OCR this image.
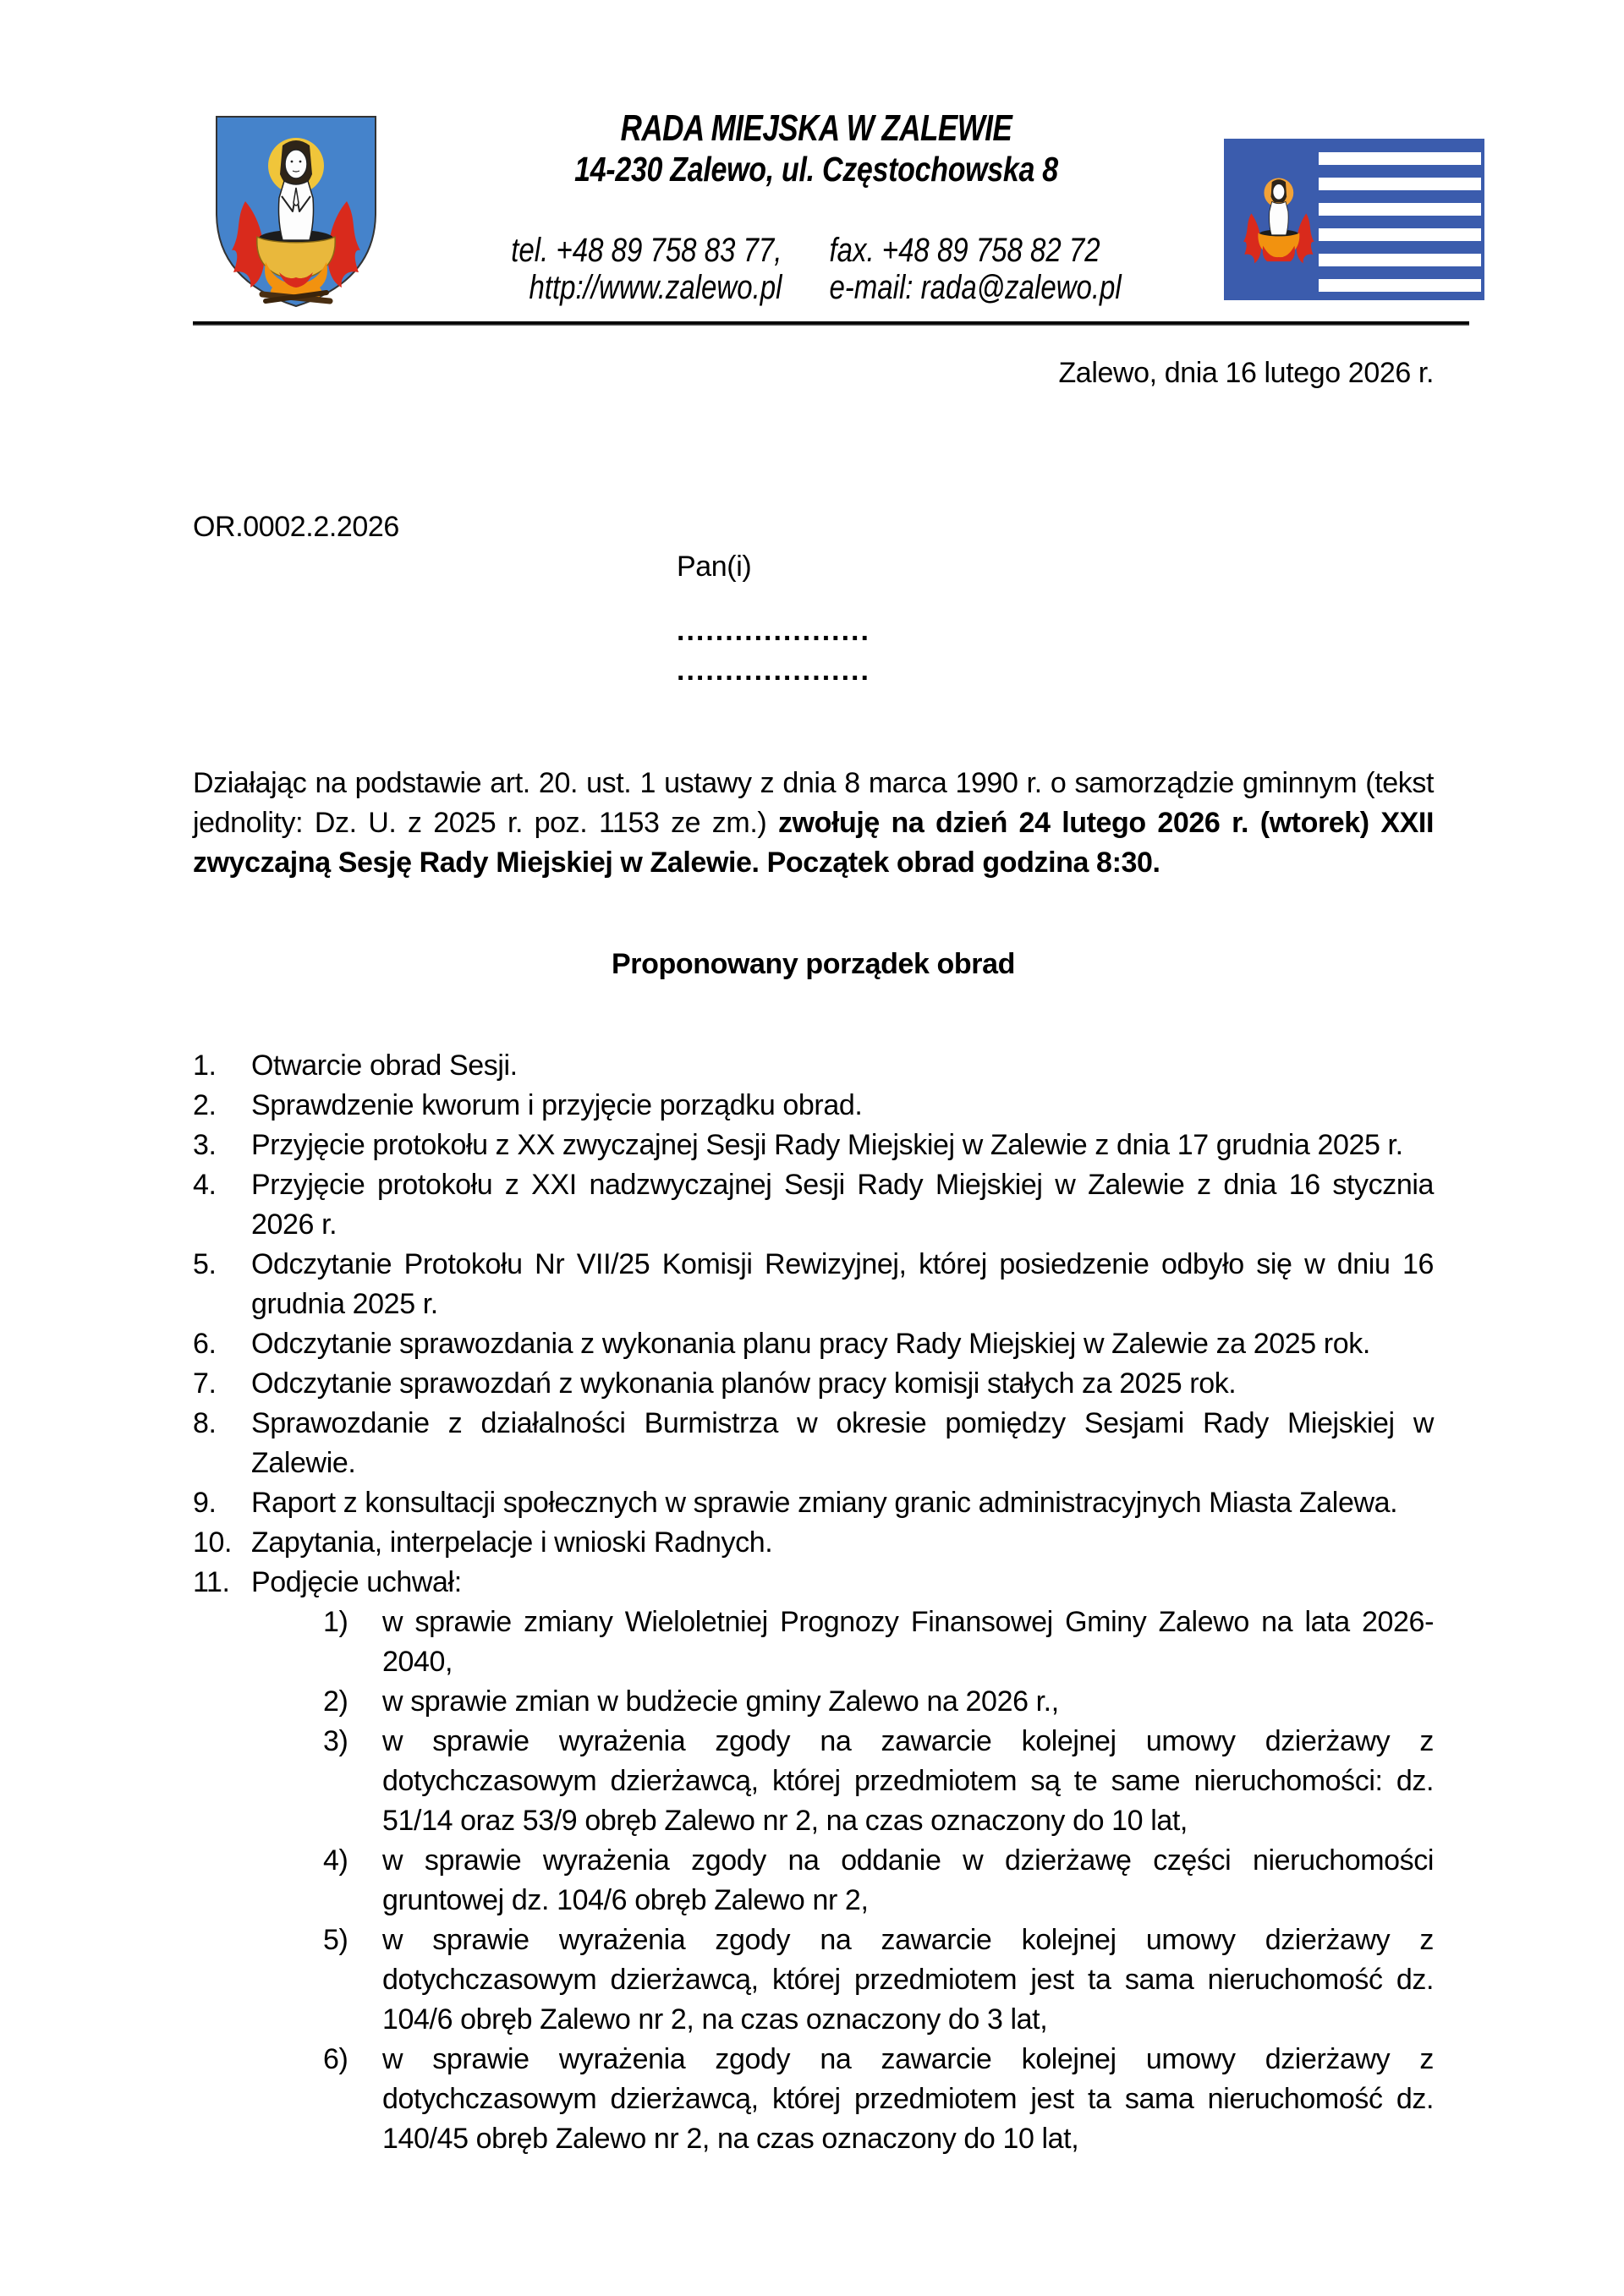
RADA MIEJSKA W ZALEWIE
14-230 Zalewo, ul. Częstochowska 8
tel. +48 89 758 83 77,
http://www.zalewo.pl
fax. +48 89 758 82 72
e-mail: rada@zalewo.pl
Zalewo, dnia 16 lutego 2026 r.
OR.0002.2.2026
Pan(i)
....................
....................

Działając na podstawie art. 20. ust. 1 ustawy z dnia 8 marca 1990 r. o samorządzie gminnym (tekst jednolity: Dz. U. z 2025 r. poz. 1153 ze zm.) zwołuję na dzień 24 lutego 2026 r. (wtorek) XXII zwyczajną Sesję Rady Miejskiej w Zalewie. Początek obrad godzina 8:30.

Proponowany porządek obrad
1.	Otwarcie obrad Sesji.
2.	Sprawdzenie kworum i przyjęcie porządku obrad.
3.	Przyjęcie protokołu z XX zwyczajnej Sesji Rady Miejskiej w Zalewie z dnia 17 grudnia 2025 r.
4.	Przyjęcie protokołu z XXI nadzwyczajnej Sesji Rady Miejskiej w Zalewie z dnia 16 stycznia 2026 r.
5.	Odczytanie Protokołu Nr VII/25 Komisji Rewizyjnej, której posiedzenie odbyło się w dniu 16 grudnia 2025 r.
6.	Odczytanie sprawozdania z wykonania planu pracy Rady Miejskiej w Zalewie za 2025 rok.
7.	Odczytanie sprawozdań z wykonania planów pracy komisji stałych za 2025 rok.
8.	Sprawozdanie z działalności Burmistrza w okresie pomiędzy Sesjami Rady Miejskiej w Zalewie.
9.	Raport z konsultacji społecznych w sprawie zmiany granic administracyjnych Miasta Zalewa.
10. Zapytania, interpelacje i wnioski Radnych.
11. Podjęcie uchwał:
1)	w sprawie zmiany Wieloletniej Prognozy Finansowej Gminy Zalewo na lata 2026-2040,
2)	w sprawie zmian w budżecie gminy Zalewo na 2026 r.,
3)	w sprawie wyrażenia zgody na zawarcie kolejnej umowy dzierżawy z dotychczasowym dzierżawcą, której przedmiotem są te same nieruchomości: dz. 51/14 oraz 53/9 obręb Zalewo nr 2, na czas oznaczony do 10 lat,
4)	w sprawie wyrażenia zgody na oddanie w dzierżawę części nieruchomości gruntowej dz. 104/6 obręb Zalewo nr 2,
5)	w sprawie wyrażenia zgody na zawarcie kolejnej umowy dzierżawy z dotychczasowym dzierżawcą, której przedmiotem jest ta sama nieruchomość dz. 104/6 obręb Zalewo nr 2, na czas oznaczony do 3 lat,
6)	w sprawie wyrażenia zgody na zawarcie kolejnej umowy dzierżawy z dotychczasowym dzierżawcą, której przedmiotem jest ta sama nieruchomość dz. 140/45 obręb Zalewo nr 2, na czas oznaczony do 10 lat,
